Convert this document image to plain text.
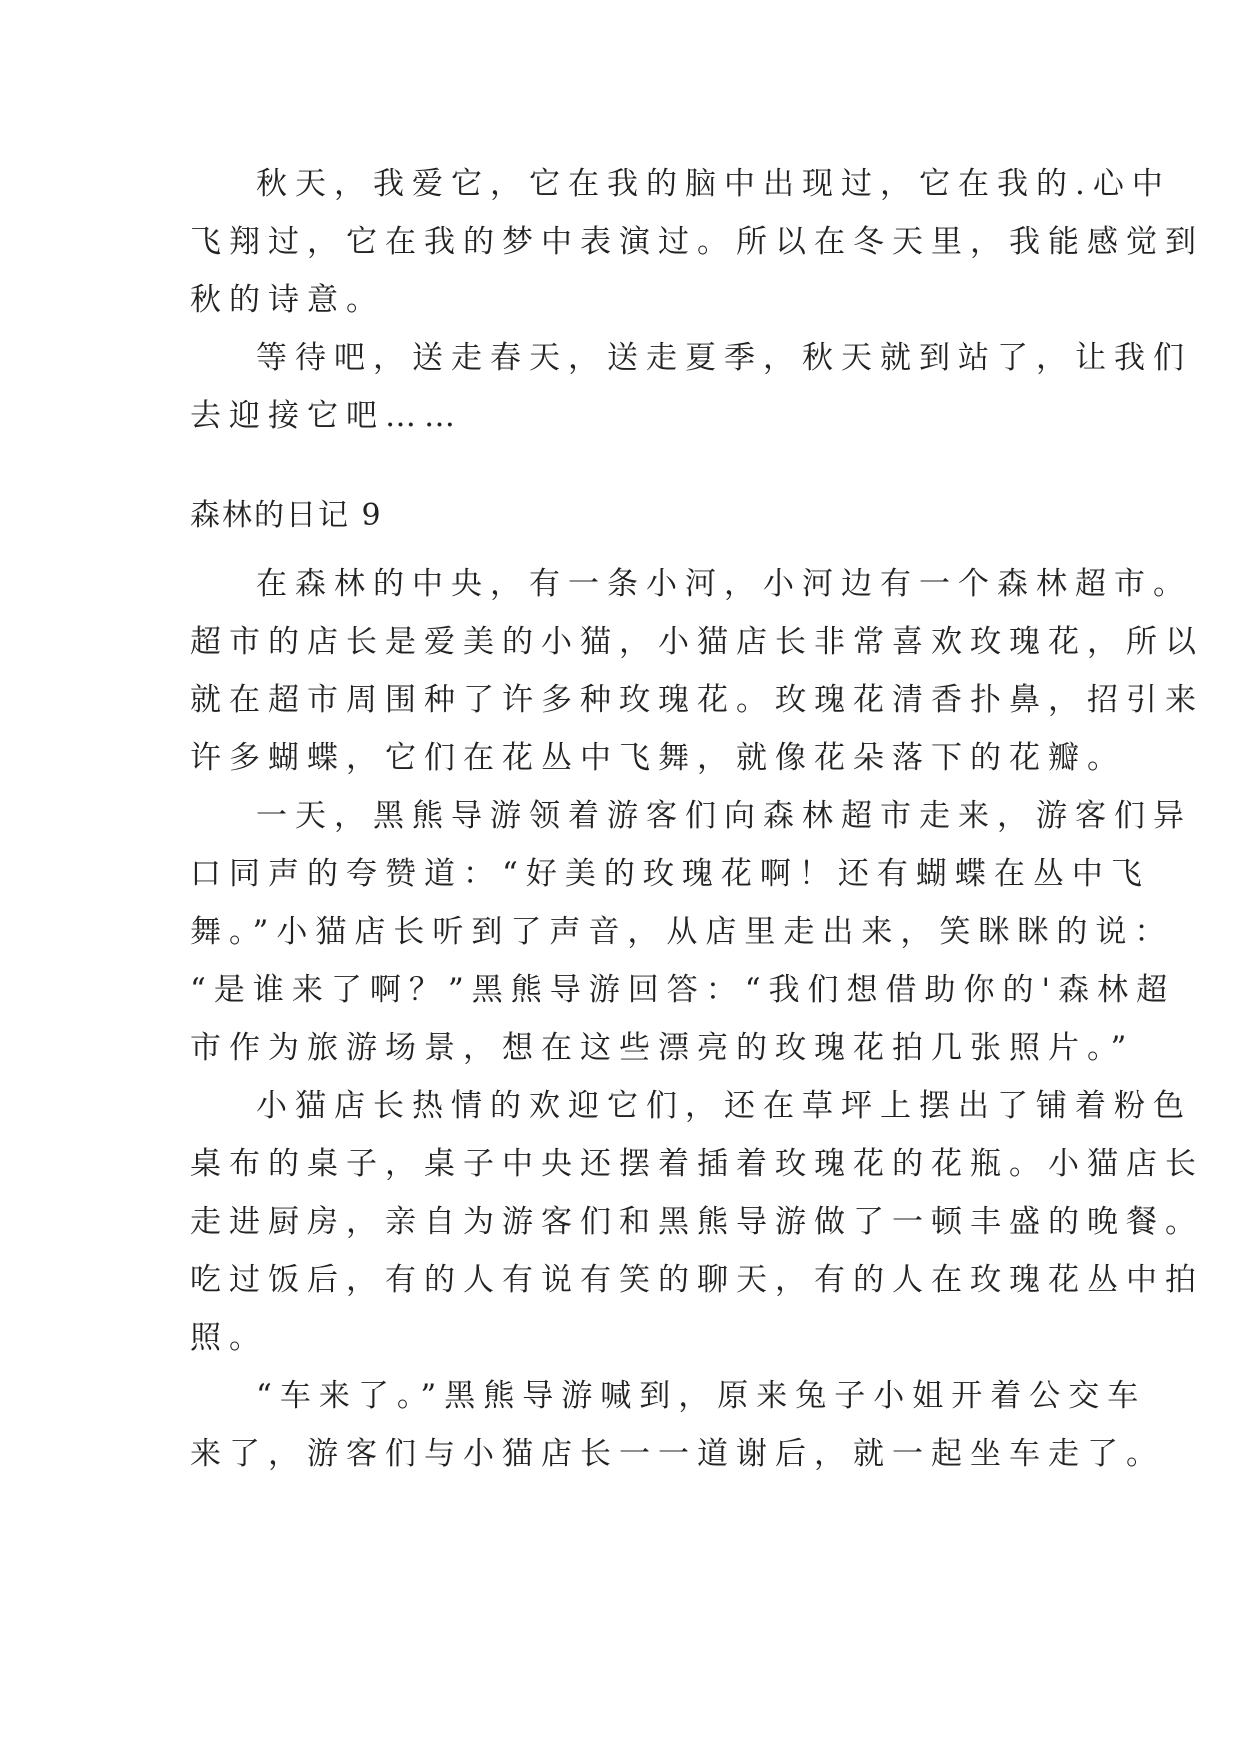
秋天，我爱它，它在我的脑中出现过，它在我的.心中
飞翔过，它在我的梦中表演过。所以在冬天里，我能感觉到
秋的诗意。
等待吧，送走春天，送走夏季，秋天就到站了，让我们
去迎接它吧……
森林的日记 9
在森林的中央，有一条小河，小河边有一个森林超市。
超市的店长是爱美的小猫，小猫店长非常喜欢玫瑰花，所以
就在超市周围种了许多种玫瑰花。玫瑰花清香扑鼻，招引来
许多蝴蝶，它们在花丛中飞舞，就像花朵落下的花瓣。
一天，黑熊导游领着游客们向森林超市走来，游客们异
口同声的夸赞道：“好美的玫瑰花啊！还有蝴蝶在丛中飞
舞。”小猫店长听到了声音，从店里走出来，笑眯眯的说：
“是谁来了啊？”黑熊导游回答：“我们想借助你的'森林超
市作为旅游场景，想在这些漂亮的玫瑰花拍几张照片。”
小猫店长热情的欢迎它们，还在草坪上摆出了铺着粉色
桌布的桌子，桌子中央还摆着插着玫瑰花的花瓶。小猫店长
走进厨房，亲自为游客们和黑熊导游做了一顿丰盛的晚餐。
吃过饭后，有的人有说有笑的聊天，有的人在玫瑰花丛中拍
照。
“车来了。”黑熊导游喊到，原来兔子小姐开着公交车
来了，游客们与小猫店长一一道谢后，就一起坐车走了。
